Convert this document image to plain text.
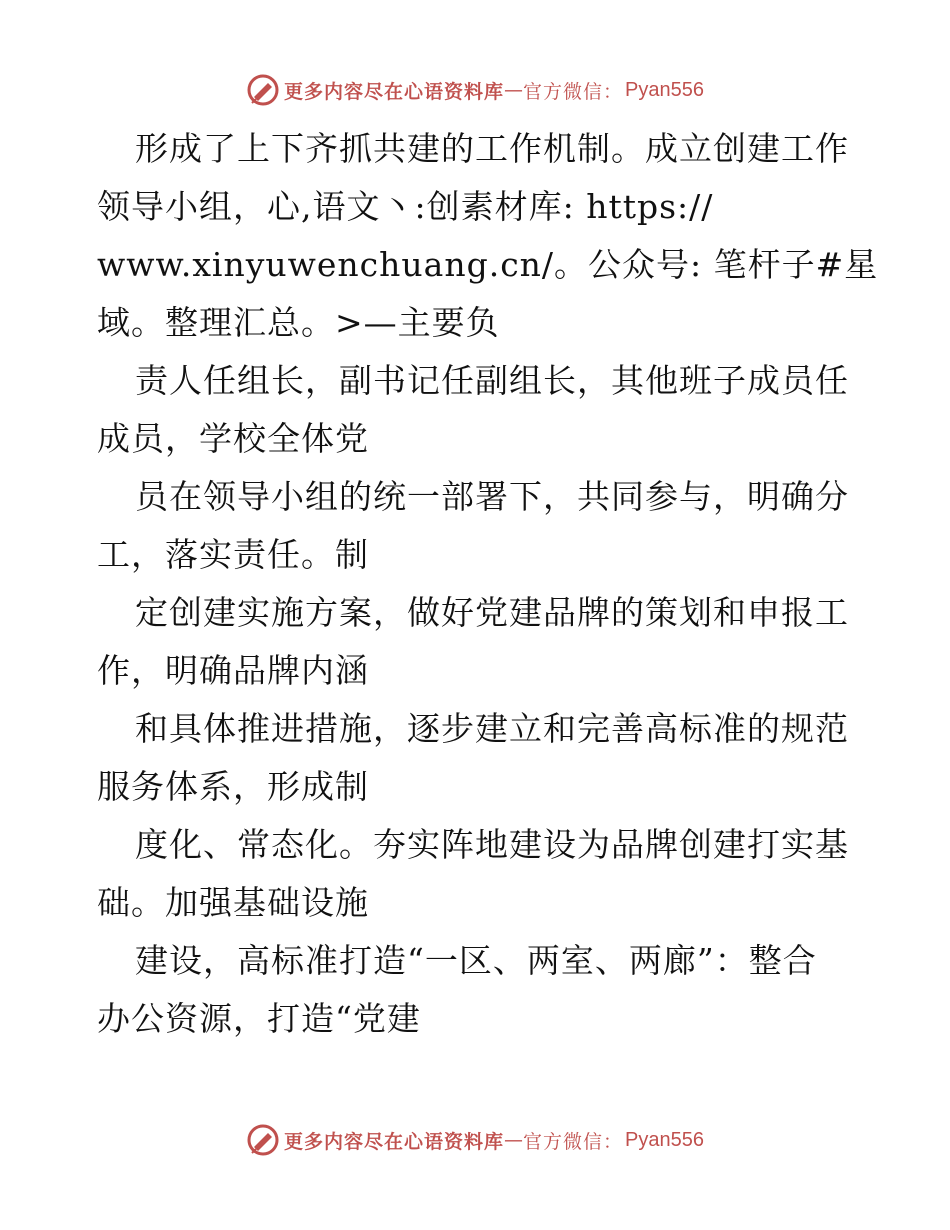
更多内容尽在心语资料库 — 官方微信： Pyan556
形成了上下齐抓共建的工作机制。成立创建工作
领导小组，心,语文丶:创素材库: https://
www.xinyuwenchuang.cn/。公众号: 笔杆子#星
域。整理汇总。>—主要负
责人任组长，副书记任副组长，其他班子成员任
成员，学校全体党
员在领导小组的统一部署下，共同参与，明确分
工，落实责任。制
定创建实施方案，做好党建品牌的策划和申报工
作，明确品牌内涵
和具体推进措施，逐步建立和完善高标准的规范
服务体系，形成制
度化、常态化。夯实阵地建设为品牌创建打实基
础。加强基础设施
建设，高标准打造“一区、两室、两廊”：整合
办公资源，打造“党建
更多内容尽在心语资料库 — 官方微信： Pyan556
